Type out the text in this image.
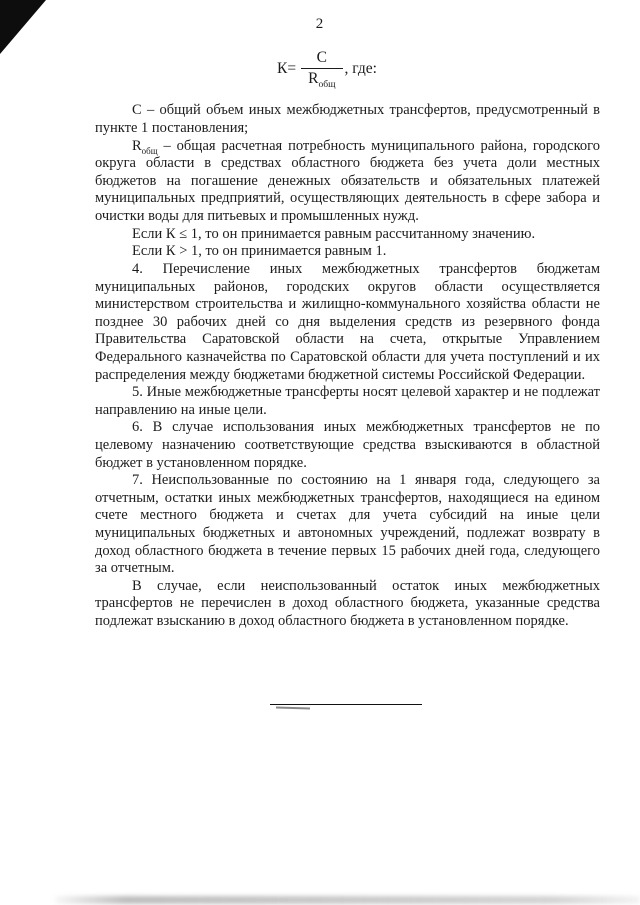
2
$К= \frac{С}{R_{общ}}$ , где:

С – общий объем иных межбюджетных трансфертов, предусмотренный в пункте 1 постановления;

$R_{общ}$ – общая расчетная потребность муниципального района, городского округа области в средствах областного бюджета без учета доли местных бюджетов на погашение денежных обязательств и обязательных платежей муниципальных предприятий, осуществляющих деятельность в сфере забора и очистки воды для питьевых и промышленных нужд.

Если К ≤ 1, то он принимается равным рассчитанному значению.

Если К > 1, то он принимается равным 1.

4. Перечисление иных межбюджетных трансфертов бюджетам муниципальных районов, городских округов области осуществляется министерством строительства и жилищно-коммунального хозяйства области не позднее 30 рабочих дней со дня выделения средств из резервного фонда Правительства Саратовской области на счета, открытые Управлением Федерального казначейства по Саратовской области для учета поступлений и их распределения между бюджетами бюджетной системы Российской Федерации.

5. Иные межбюджетные трансферты носят целевой характер и не подлежат направлению на иные цели.

6. В случае использования иных межбюджетных трансфертов не по целевому назначению соответствующие средства взыскиваются в областной бюджет в установленном порядке.

7. Неиспользованные по состоянию на 1 января года, следующего за отчетным, остатки иных межбюджетных трансфертов, находящиеся на едином счете местного бюджета и счетах для учета субсидий на иные цели муниципальных бюджетных и автономных учреждений, подлежат возврату в доход областного бюджета в течение первых 15 рабочих дней года, следующего за отчетным.

В случае, если неиспользованный остаток иных межбюджетных трансфертов не перечислен в доход областного бюджета, указанные средства подлежат взысканию в доход областного бюджета в установленном порядке.
